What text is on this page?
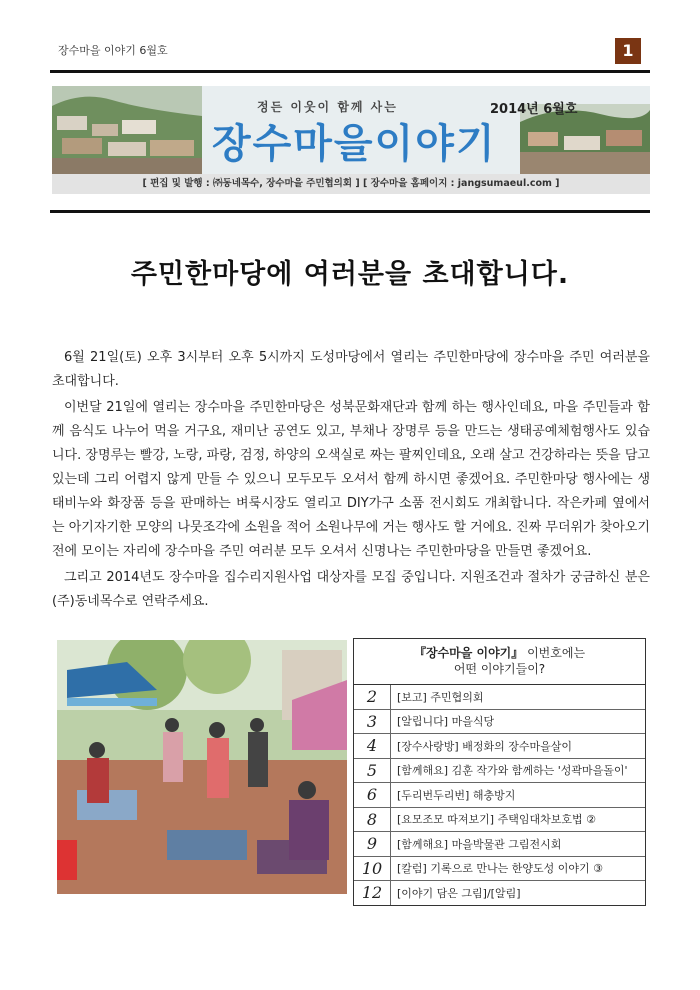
장수마을 이야기 6월호	1
정든 이웃이 함께 사는	2014년 6월호
장수마을이야기
[ 편집 및 발행 : ㈜동네목수, 장수마을 주민협의회 ] [ 장수마을 홈페이지 : jangsumaeul.com ]
주민한마당에 여러분을 초대합니다.

6월 21일(토) 오후 3시부터 오후 5시까지 도성마당에서 열리는 주민한마당에 장수마을 주민 여러분을 초대합니다.

이번달 21일에 열리는 장수마을 주민한마당은 성북문화재단과 함께 하는 행사인데요, 마을 주민들과 함께 음식도 나누어 먹을 거구요, 재미난 공연도 있고, 부채나 장명루 등을 만드는 생태공예체험행사도 있습니다. 장명루는 빨강, 노랑, 파랑, 검정, 하양의 오색실로 짜는 팔찌인데요, 오래 살고 건강하라는 뜻을 담고 있는데 그리 어렵지 않게 만들 수 있으니 모두모두 오셔서 함께 하시면 좋겠어요. 주민한마당 행사에는 생태비누와 화장품 등을 판매하는 벼룩시장도 열리고 DIY가구 소품 전시회도 개최합니다. 작은카페 옆에서는 아기자기한 모양의 나뭇조각에 소원을 적어 소원나무에 거는 행사도 할 거에요. 진짜 무더위가 찾아오기 전에 모이는 자리에 장수마을 주민 여러분 모두 오셔서 신명나는 주민한마당을 만들면 좋겠어요.

그리고 2014년도 장수마을 집수리지원사업 대상자를 모집 중입니다. 지원조건과 절차가 궁금하신 분은 (주)동네목수로 연락주세요.

『장수마을 이야기』 이번호에는
어떤 이야기들이?
2	[보고] 주민협의회
3	[알립니다] 마을식당
4	[장수사랑방] 배정화의 장수마을살이
5	[함께해요] 김훈 작가와 함께하는 '성곽마을돌이'
6	[두리번두리번] 해충방지
8	[요모조모 따져보기] 주택임대차보호법 ②
9	[함께해요] 마을박물관 그림전시회
10	[칼럼] 기록으로 만나는 한양도성 이야기 ③
12	[이야기 담은 그림]/[알림]
